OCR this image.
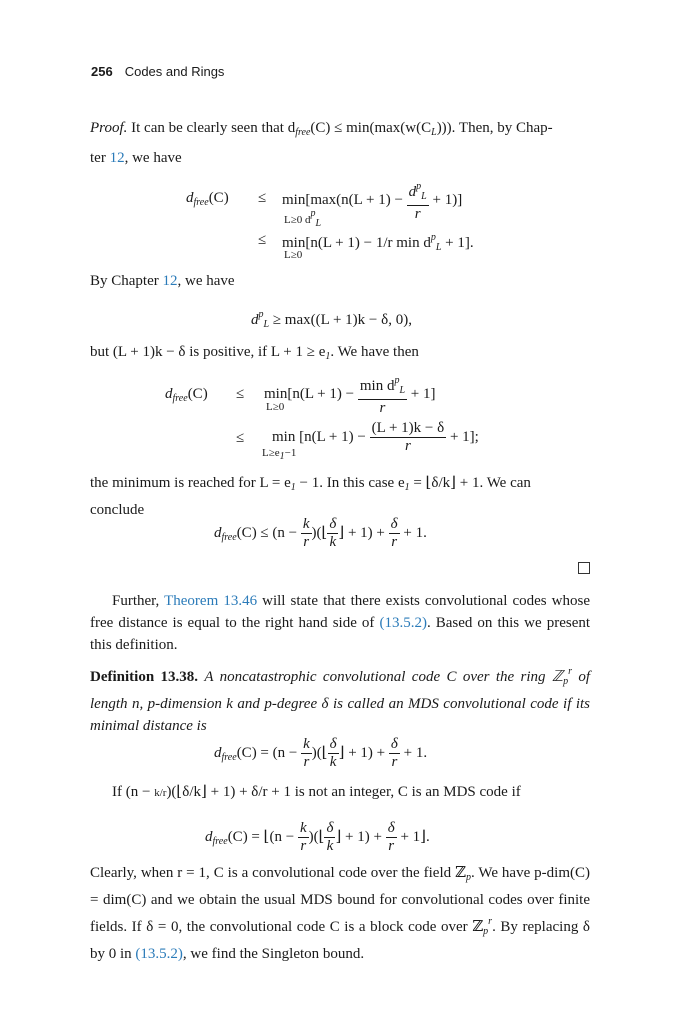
256 Codes and Rings
Proof. It can be clearly seen that $d_{free}(C) \le \min(\max(w(C_L)))$. Then, by Chap-
ter 12, we have
$d_{free}(C) \le \min[\max(n(L + 1) - \frac{d^p_L}{r} + 1)]$
L≥0 dpL
≤ min[n(L + 1) − 1/r $\min d^p_L + 1$].
L≥0
By Chapter 12, we have
$d^p_L \ge \max((L + 1)k - \delta$, 0),
but (L + 1)k − δ is positive, if $L + 1 \ge e_1$. We have then
$d_{free}(C) \le \min[n(L + 1) - \frac{\min d^p_L}{r} + 1]$
L≥0
≤ $\min [n(L + 1) - \frac{(L + 1)k - \delta}{r} + 1]$;
L≥e1−1
the minimum is reached for $L = e_1 - 1$. In this case $e_1$ = ⌊δ/k⌋ + 1. We can
conclude
$d_{free}(C) \le (n - \frac{k}{r}$ )(⌊ $\frac{\delta}{k}$ ⌋ + $1) + \frac{\delta}{r} + 1$.
Further, Theorem 13.46 will state that there exists convolutional codes whose free distance is equal to the right hand side of (13.5.2). Based on this we present this definition.
Definition 13.38. A noncatastrophic convolutional code C over the ring ℤ$_p^r$ of length n, p-dimension k and p-degree δ is called an MDS convolutional code if its minimal distance is
$d_{free}(C) = (n - \frac{k}{r}$ )(⌊ $\frac{\delta}{k}$ ⌋ + $1) + \frac{\delta}{r} + 1$.
If (n − k/r)(⌊δ/k⌋ + 1) + δ/r + 1 is not an integer, C is an MDS code if
$d_{free}(C)$ = ⌊(n − $\frac{k}{r}$ )(⌊ $\frac{\delta}{k}$ ⌋ + $1) + \frac{\delta}{r}$ + 1⌋.
Clearly, when r = 1, C is a convolutional code over the field ℤ$_p$. We have p-dim(C) = dim(C) and we obtain the usual MDS bound for convolutional codes over finite fields. If δ = 0, the convolutional code C is a block code over ℤ$_p^r$. By replacing δ by 0 in (13.5.2), we find the Singleton bound.
